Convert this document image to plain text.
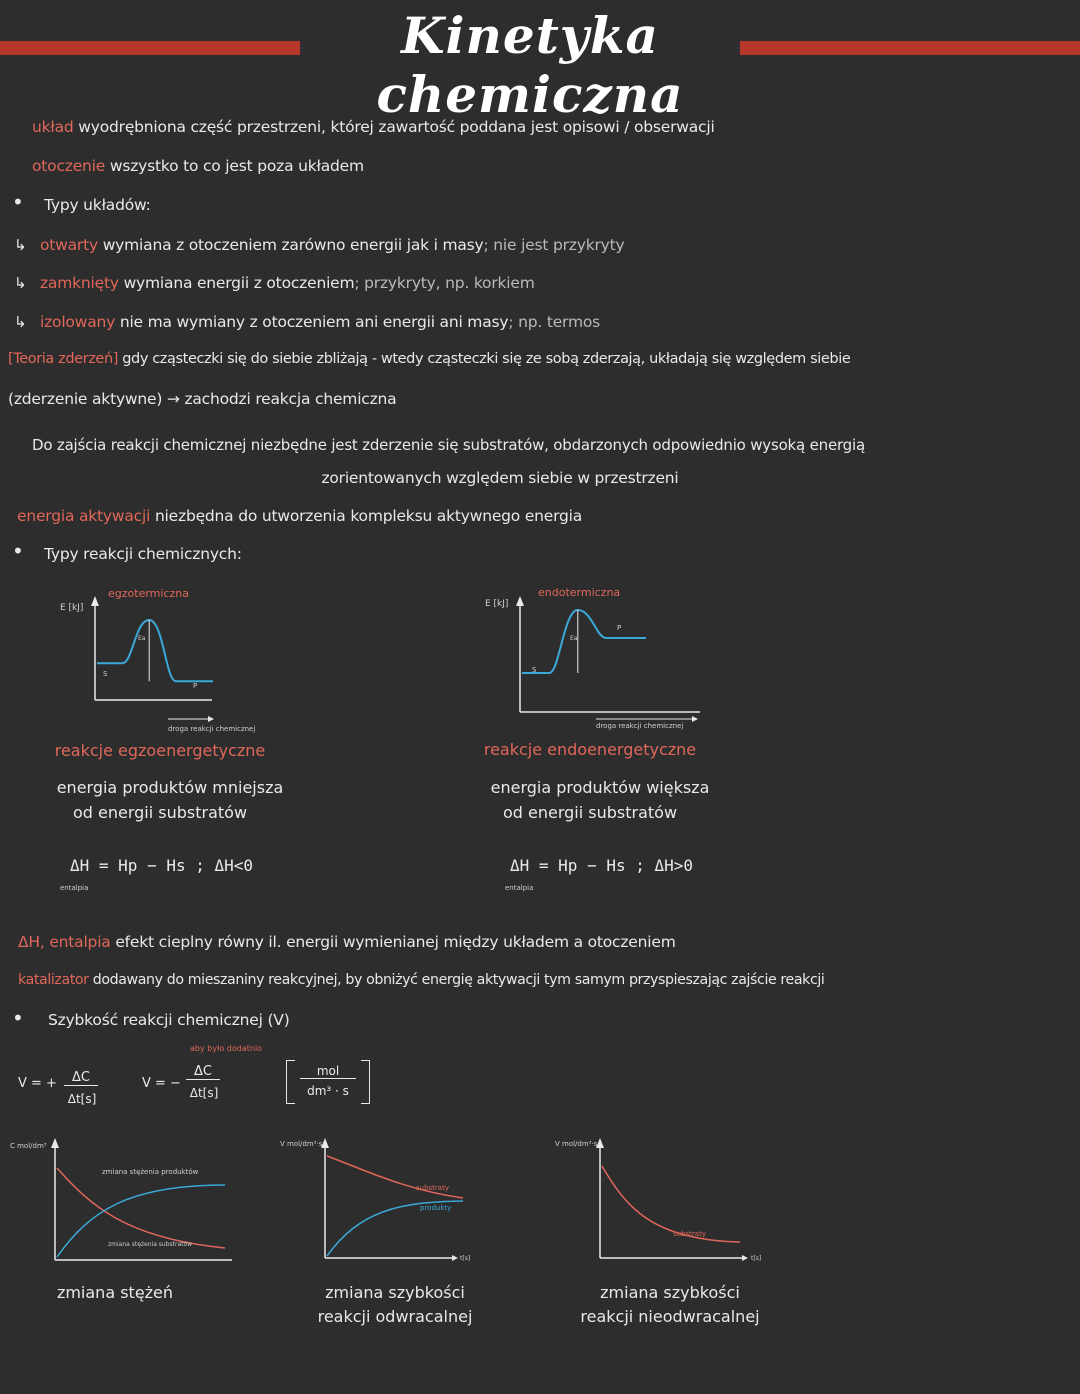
Kinetyka chemiczna
układ wyodrębniona część przestrzeni, której zawartość poddana jest opisowi / obserwacji
otoczenie wszystko to co jest poza układem
• Typy układów:
↳ otwarty wymiana z otoczeniem zarówno energii jak i masy; nie jest przykryty
↳ zamknięty wymiana energii z otoczeniem; przykryty, np. korkiem
↳ izolowany nie ma wymiany z otoczeniem ani energii ani masy; np. termos
[Teoria zderzeń] gdy cząsteczki się do siebie zbliżają - wtedy cząsteczki się ze sobą zderzają, układają się względem siebie
(zderzenie aktywne) → zachodzi reakcja chemiczna
Do zajścia reakcji chemicznej niezbędne jest zderzenie się substratów, obdarzonych odpowiednio wysoką energią
zorientowanych względem siebie w przestrzeni
energia aktywacji niezbędna do utworzenia kompleksu aktywnego energia
• Typy reakcji chemicznych:
E [kJ]
egzotermiczna
S
P
Ea
droga reakcji chemicznej
E [kJ]
endotermiczna
S
P
Ea
droga reakcji chemicznej
reakcje egzoenergetyczne
energia produktów mniejsza
od energii substratów
ΔH = Hp − Hs ; ΔH<0
entalpia
reakcje endoenergetyczne
energia produktów większa
od energii substratów
ΔH = Hp − Hs ; ΔH>0
entalpia
ΔH, entalpia efekt cieplny równy il. energii wymienianej między układem a otoczeniem
katalizator dodawany do mieszaniny reakcyjnej, by obniżyć energię aktywacji tym samym przyspieszając zajście reakcji
• Szybkość reakcji chemicznej (V)
V = +	ΔC
Δt[s]
aby było dodatnio
V = −
ΔC
Δt[s]
mol
dm³ · s
C mol/dm³
zmiana stężenia produktów
zmiana stężenia substratów
zmiana stężeń
V mol/dm³·s
substraty
produkty
t[s]
zmiana szybkości
reakcji odwracalnej
V mol/dm³·s
substraty
t[s]
zmiana szybkości
reakcji nieodwracalnej
